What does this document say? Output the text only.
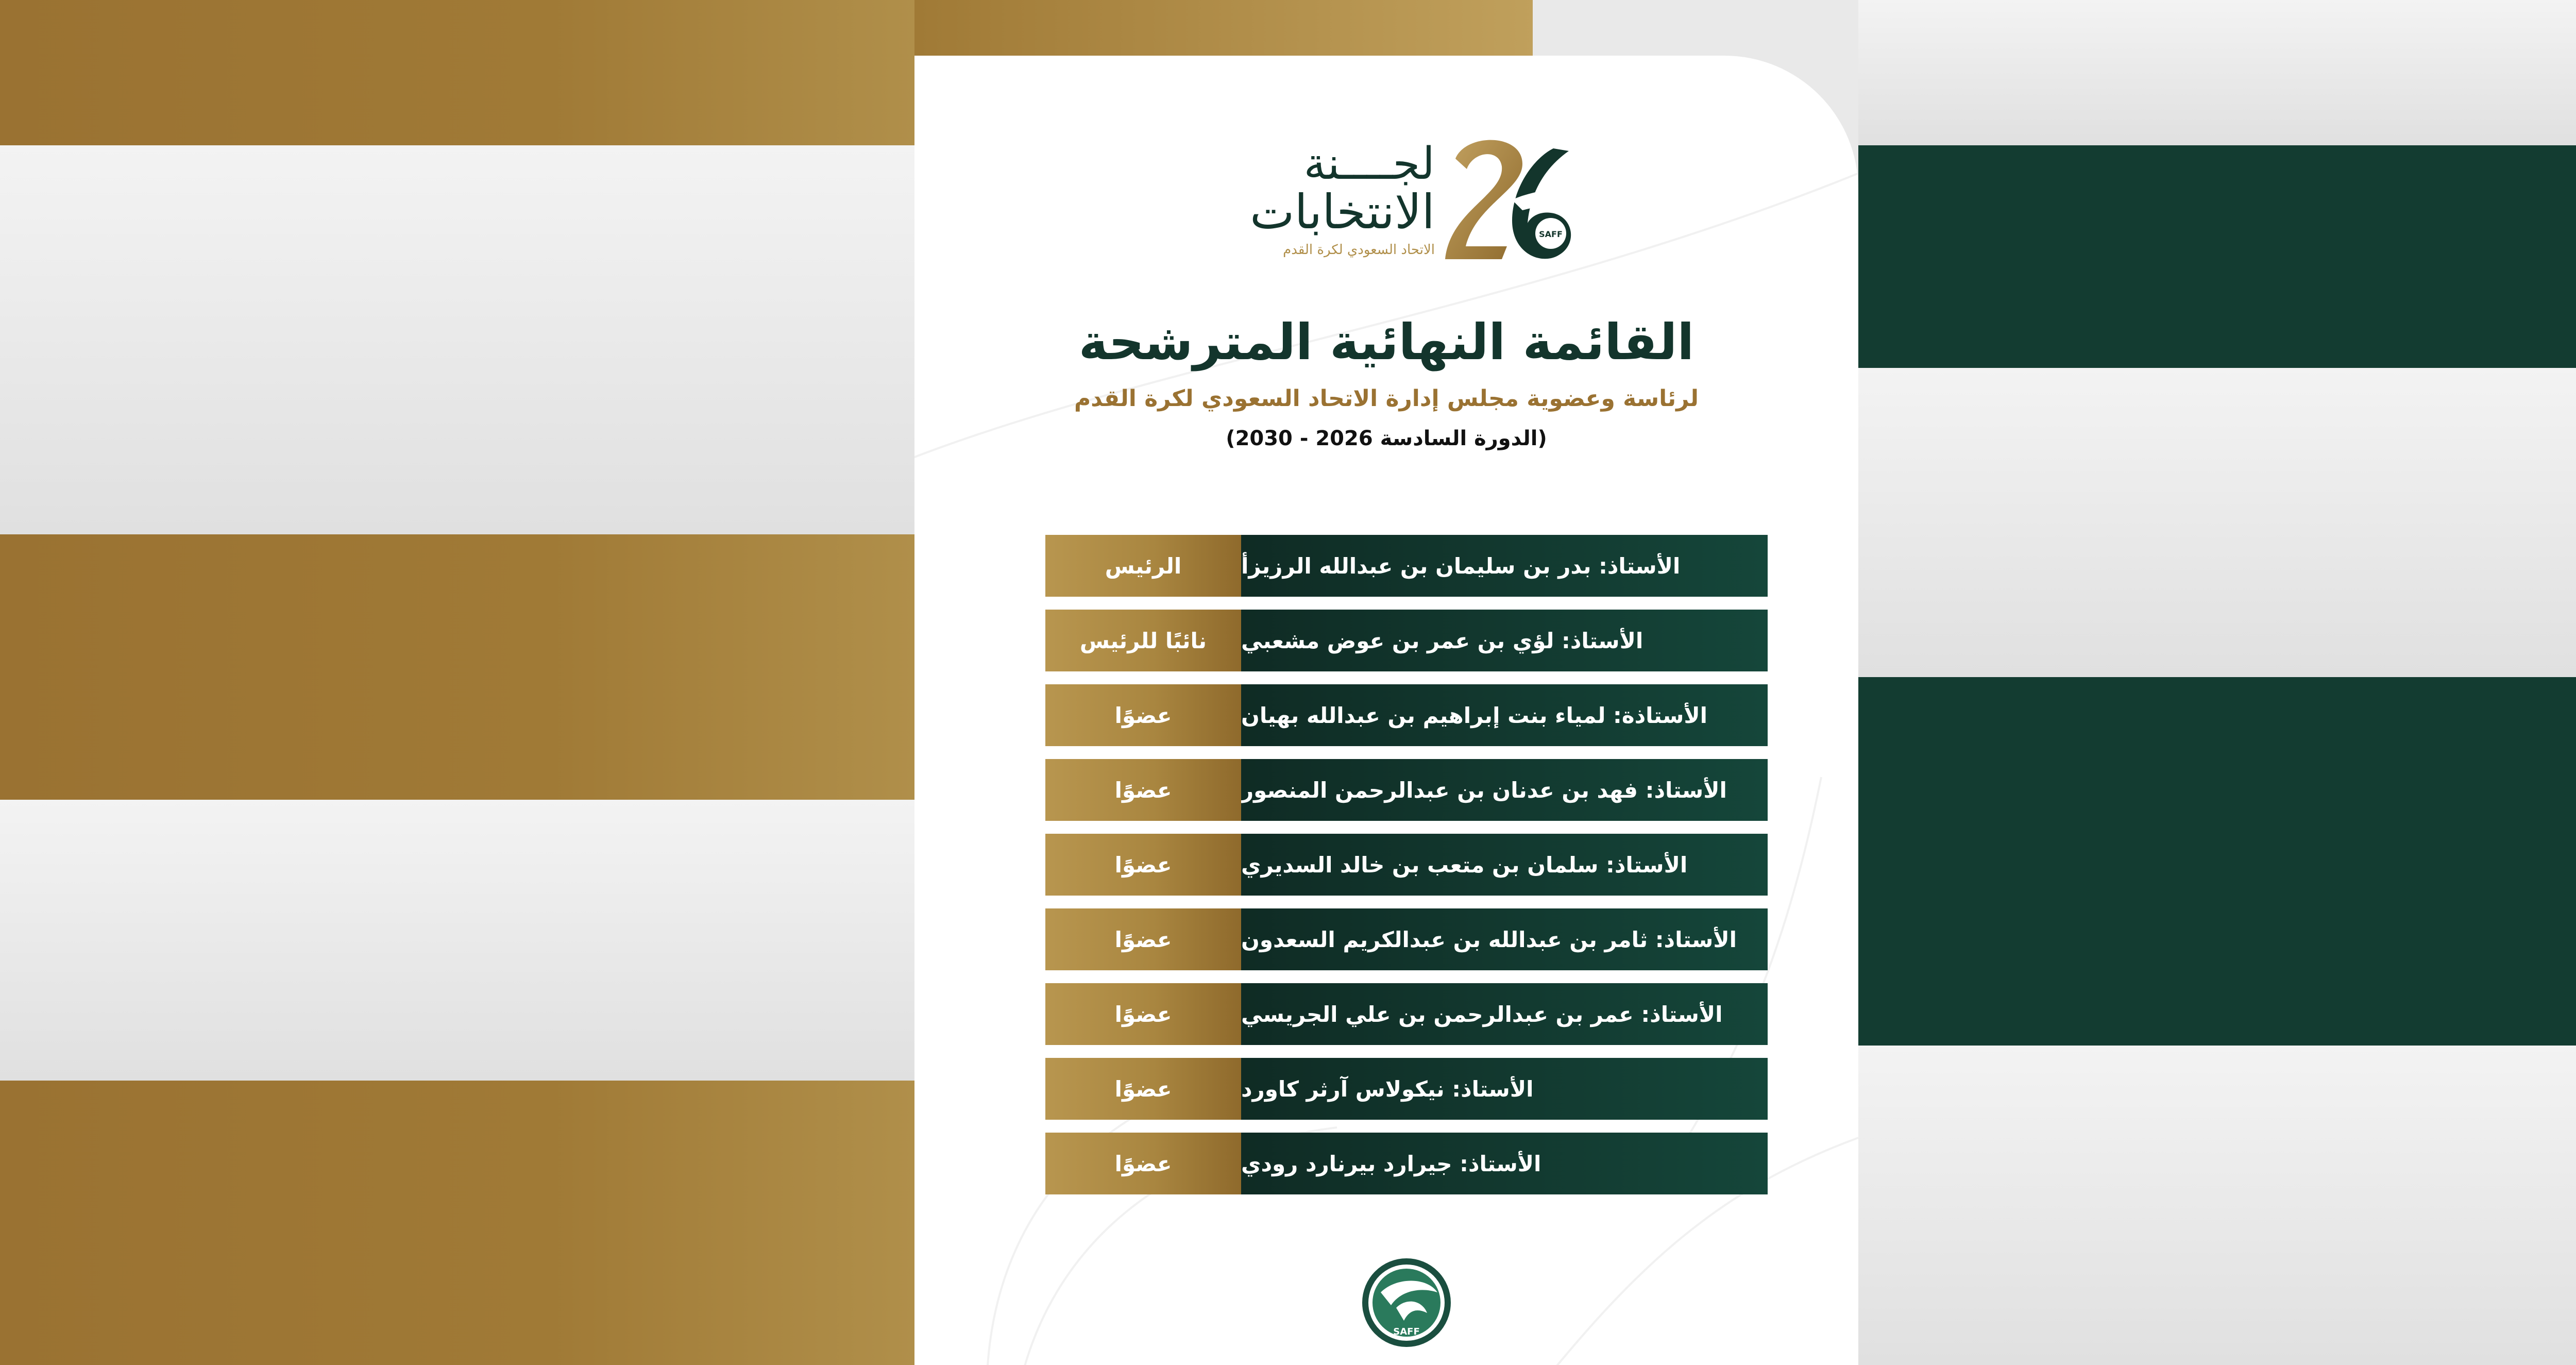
لجــــنة
الانتخابات
الاتحاد السعودي لكرة القدم
SAFF
القائمة النهائية المترشحة
لرئاسة وعضوية مجلس إدارة الاتحاد السعودي لكرة القدم
(الدورة السادسة 2026 - 2030)
الرئيس	الأستاذ: بدر بن سليمان بن عبدالله الرزيزأ
نائبًا للرئيس	الأستاذ: لؤي بن عمر بن عوض مشعبي
عضوًا	الأستاذة: لمياء بنت إبراهيم بن عبدالله بهيان
عضوًا	الأستاذ: فهد بن عدنان بن عبدالرحمن المنصور
عضوًا	الأستاذ: سلمان بن متعب بن خالد السديري
عضوًا	الأستاذ: ثامر بن عبدالله بن عبدالكريم السعدون
عضوًا	الأستاذ: عمر بن عبدالرحمن بن علي الجريسي
عضوًا	الأستاذ: نيكولاس آرثر كاورد
عضوًا	الأستاذ: جيرارد بيرنارد رودي
SAFF
